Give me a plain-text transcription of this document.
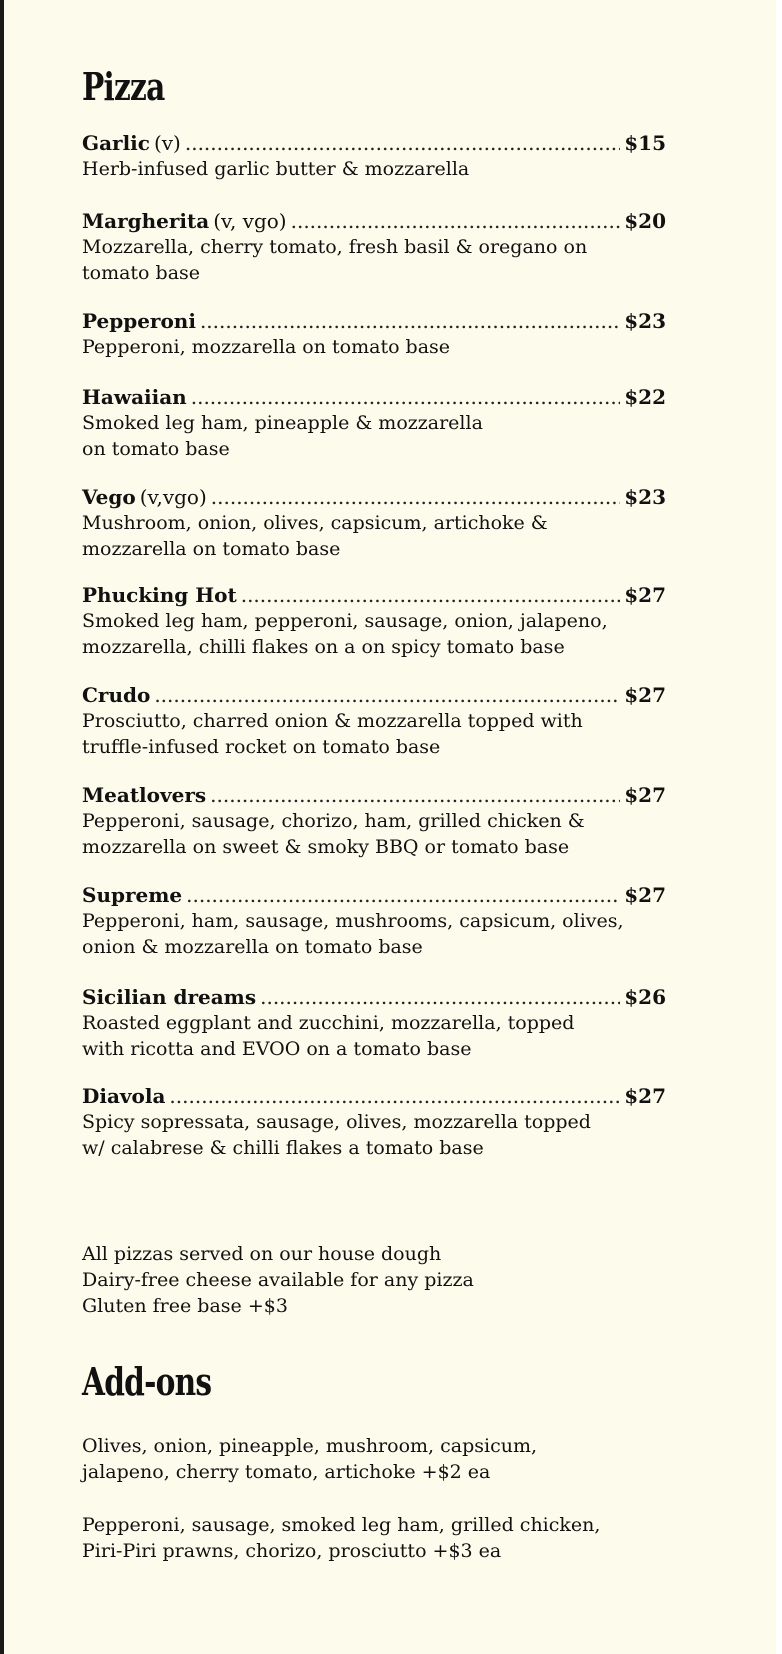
Pizza
Garlic (v) .....	$15

Herb-infused garlic butter & mozzarella

Margherita (v, vgo) .....	$20

Mozzarella, cherry tomato, fresh basil & oregano on
tomato base

Pepperoni .....	$23

Pepperoni, mozzarella on tomato base

Hawaiian .....	$22

Smoked leg ham, pineapple & mozzarella
on tomato base

Vego (v,vgo) .....	$23

Mushroom, onion, olives, capsicum, artichoke &
mozzarella on tomato base

Phucking Hot .....	$27

Smoked leg ham, pepperoni, sausage, onion, jalapeno,
mozzarella, chilli flakes on a on spicy tomato base

Crudo .....	$27

Prosciutto, charred onion & mozzarella topped with
truffle-infused rocket on tomato base

Meatlovers .....	$27

Pepperoni, sausage, chorizo, ham, grilled chicken &
mozzarella on sweet & smoky BBQ or tomato base

Supreme .....	$27

Pepperoni, ham, sausage, mushrooms, capsicum, olives,
onion & mozzarella on tomato base

Sicilian dreams .....	$26

Roasted eggplant and zucchini, mozzarella, topped
with ricotta and EVOO on a tomato base

Diavola .....	$27

Spicy sopressata, sausage, olives, mozzarella topped
w/ calabrese & chilli flakes a tomato base

All pizzas served on our house dough
Dairy-free cheese available for any pizza
Gluten free base +$3
Add-ons
Olives, onion, pineapple, mushroom, capsicum,
jalapeno, cherry tomato, artichoke +$2 ea
Pepperoni, sausage, smoked leg ham, grilled chicken,
Piri-Piri prawns, chorizo, prosciutto +$3 ea
